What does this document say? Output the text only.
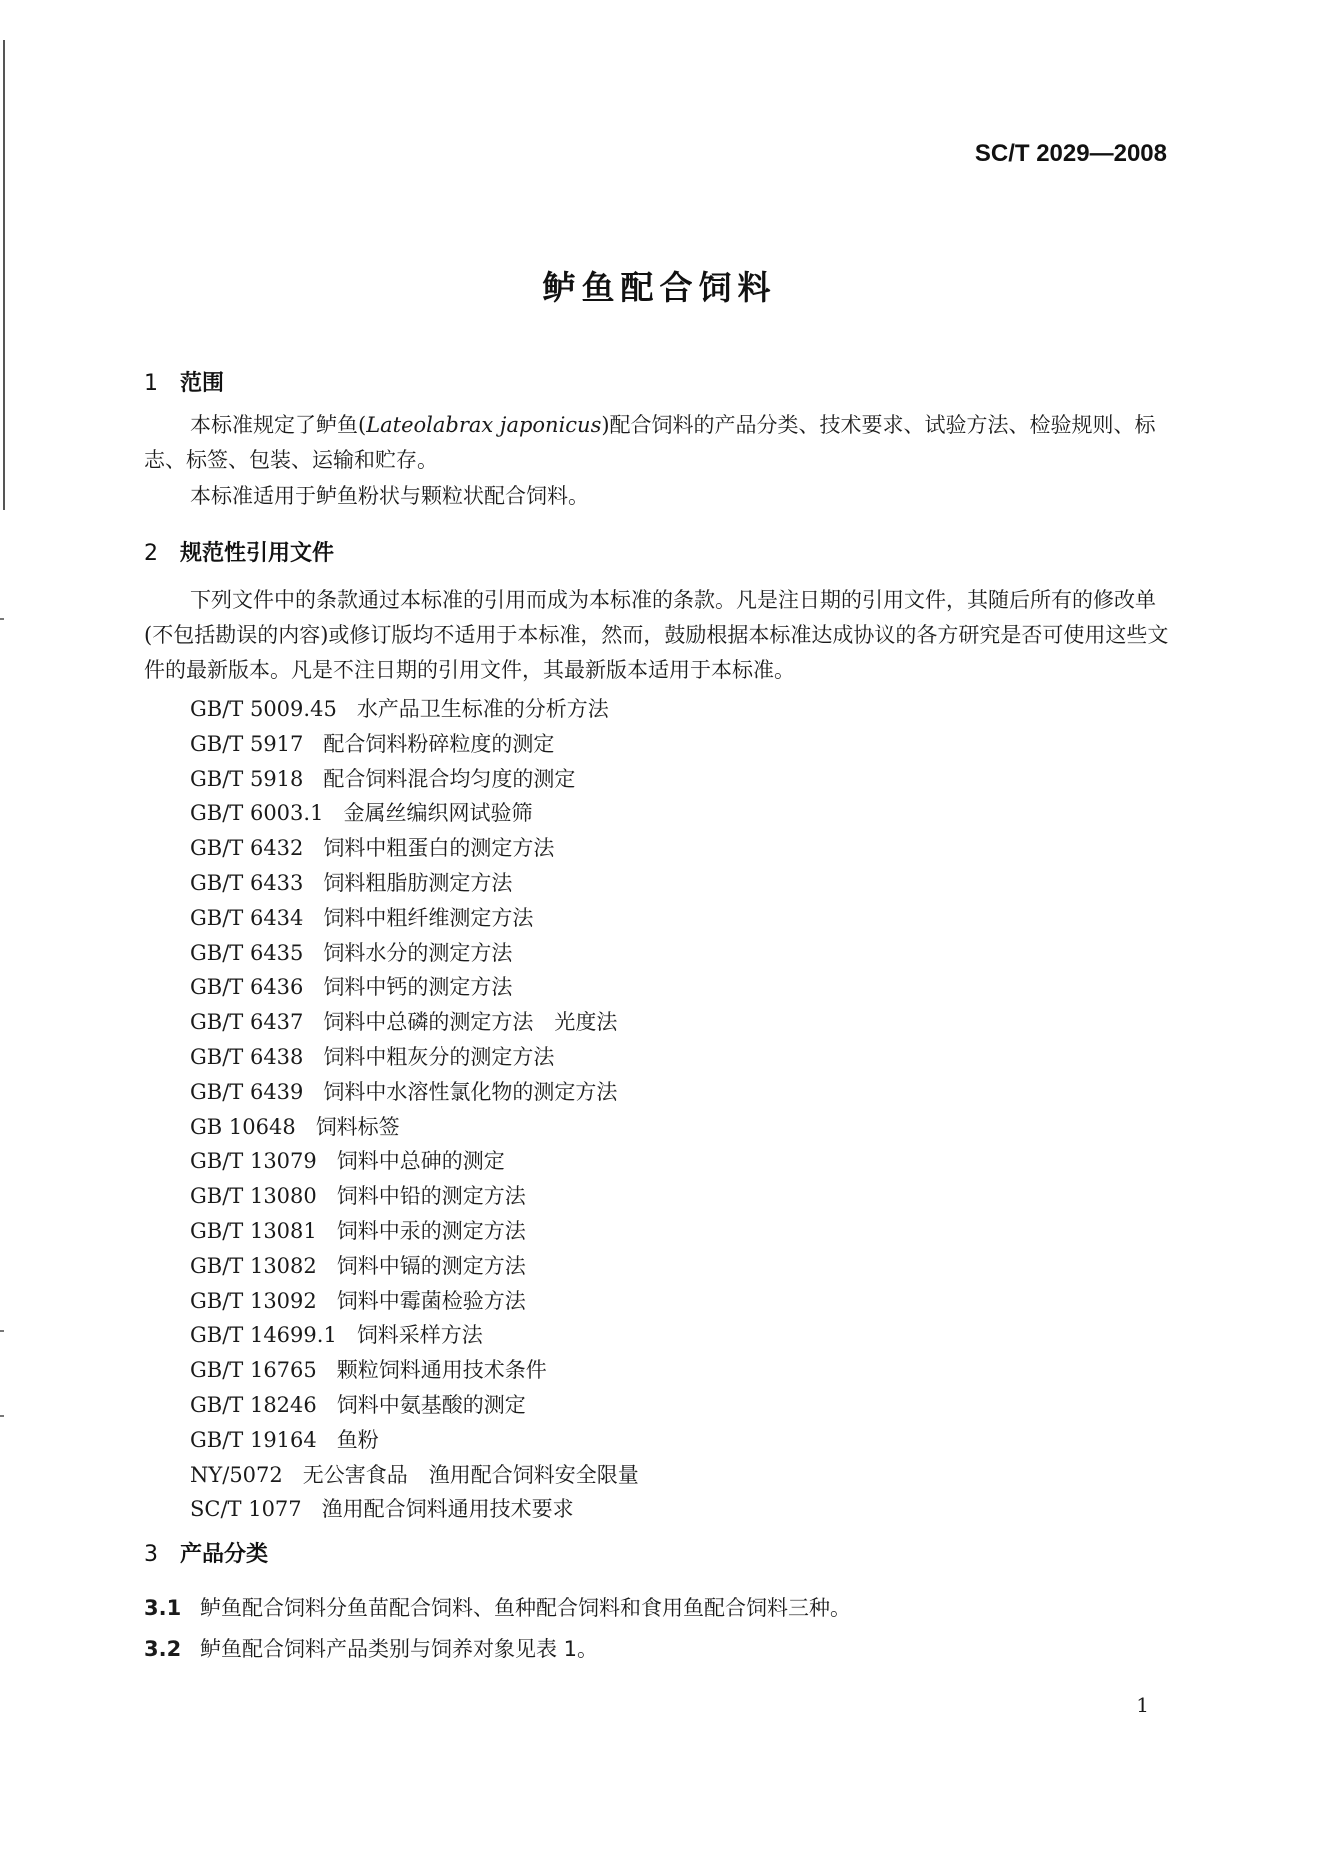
SC/T 2029—2008
鲈鱼配合饲料
1 范围
本标准规定了鲈鱼(Lateolabrax japonicus)配合饲料的产品分类、技术要求、试验方法、检验规则、标志、标签、包装、运输和贮存。
本标准适用于鲈鱼粉状与颗粒状配合饲料。
2 规范性引用文件
下列文件中的条款通过本标准的引用而成为本标准的条款。凡是注日期的引用文件，其随后所有的修改单(不包括勘误的内容)或修订版均不适用于本标准，然而，鼓励根据本标准达成协议的各方研究是否可使用这些文件的最新版本。凡是不注日期的引用文件，其最新版本适用于本标准。
GB/T 5009.45 水产品卫生标准的分析方法
GB/T 5917 配合饲料粉碎粒度的测定
GB/T 5918 配合饲料混合均匀度的测定
GB/T 6003.1 金属丝编织网试验筛
GB/T 6432 饲料中粗蛋白的测定方法
GB/T 6433 饲料粗脂肪测定方法
GB/T 6434 饲料中粗纤维测定方法
GB/T 6435 饲料水分的测定方法
GB/T 6436 饲料中钙的测定方法
GB/T 6437 饲料中总磷的测定方法　光度法
GB/T 6438 饲料中粗灰分的测定方法
GB/T 6439 饲料中水溶性氯化物的测定方法
GB 10648 饲料标签
GB/T 13079 饲料中总砷的测定
GB/T 13080 饲料中铅的测定方法
GB/T 13081 饲料中汞的测定方法
GB/T 13082 饲料中镉的测定方法
GB/T 13092 饲料中霉菌检验方法
GB/T 14699.1 饲料采样方法
GB/T 16765 颗粒饲料通用技术条件
GB/T 18246 饲料中氨基酸的测定
GB/T 19164 鱼粉
NY/5072 无公害食品　渔用配合饲料安全限量
SC/T 1077 渔用配合饲料通用技术要求
3 产品分类
3.1 鲈鱼配合饲料分鱼苗配合饲料、鱼种配合饲料和食用鱼配合饲料三种。
3.2 鲈鱼配合饲料产品类别与饲养对象见表 1。
1
